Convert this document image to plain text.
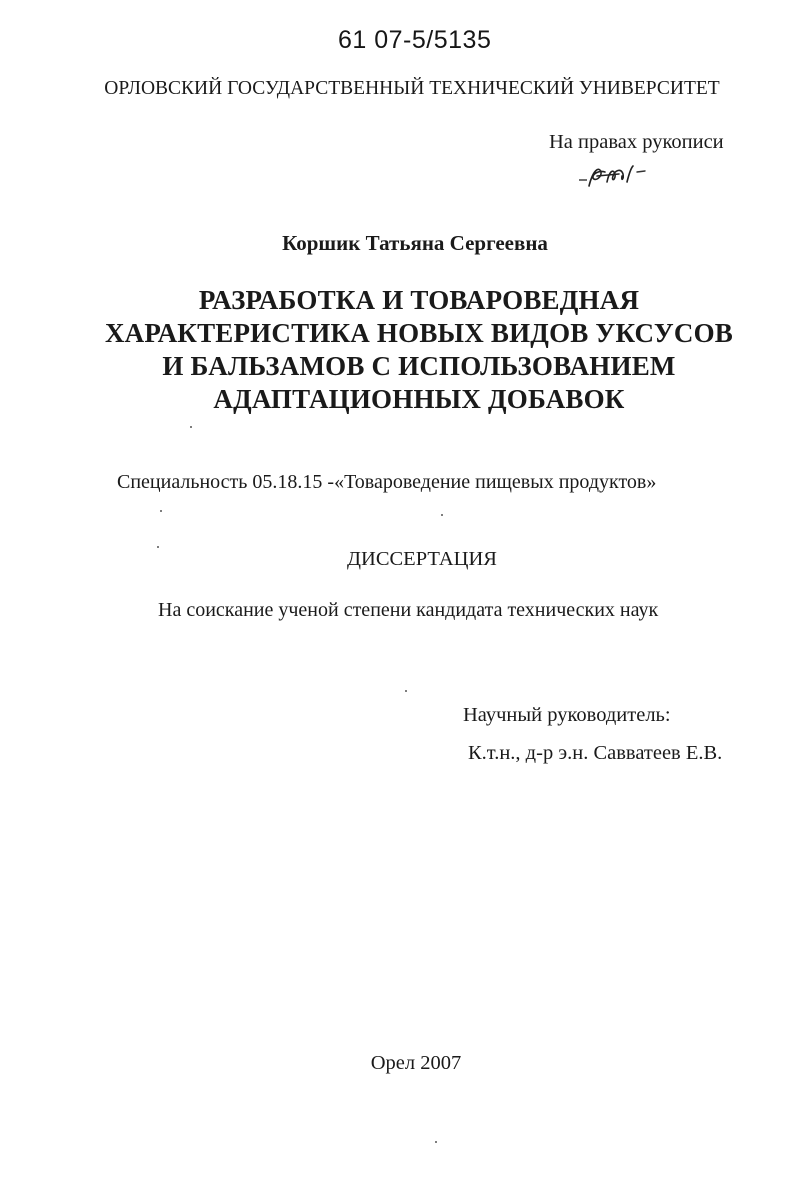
61 07-5/5135

ОРЛОВСКИЙ ГОСУДАРСТВЕННЫЙ ТЕХНИЧЕСКИЙ УНИВЕРСИТЕТ

На правах рукописи

Коршик Татьяна Сергеевна

РАЗРАБОТКА И ТОВАРОВЕДНАЯ
ХАРАКТЕРИСТИКА НОВЫХ ВИДОВ УКСУСОВ
И БАЛЬЗАМОВ С ИСПОЛЬЗОВАНИЕМ
АДАПТАЦИОННЫХ ДОБАВОК

Специальность 05.18.15 -«Товароведение пищевых продуктов»

ДИССЕРТАЦИЯ

На соискание ученой степени кандидата технических наук

Научный руководитель:

К.т.н., д-р э.н. Савватеев Е.В.

Орел 2007
